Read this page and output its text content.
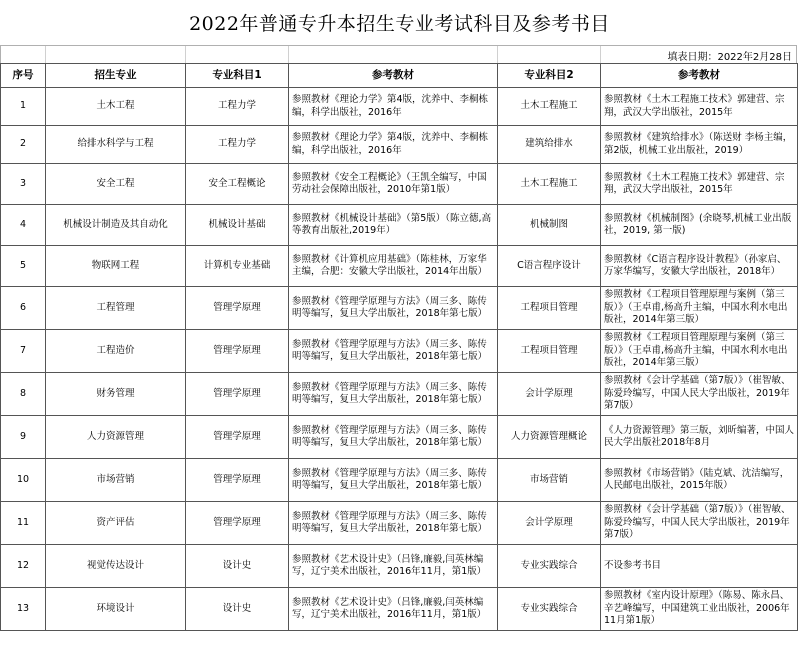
2022年普通专升本招生专业考试科目及参考书目
填表日期：2022年2月28日
序号	招生专业	专业科目1	参考教材	专业科目2	参考教材
1	土木工程	工程力学	参照教材《理论力学》第4版，沈养中、李桐栋编，科学出版社，2016年	土木工程施工	参照教材《土木工程施工技术》郭建营、宗翔，武汉大学出版社，2015年
2	给排水科学与工程	工程力学	参照教材《理论力学》第4版，沈养中、李桐栋编，科学出版社，2016年	建筑给排水	参照教材《建筑给排水》（陈送财 李杨主编，第2版，机械工业出版社，2019）
3	安全工程	安全工程概论	参照教材《安全工程概论》（王凯全编写，中国劳动社会保障出版社，2010年第1版）	土木工程施工	参照教材《土木工程施工技术》郭建营、宗翔，武汉大学出版社，2015年
4	机械设计制造及其自动化	机械设计基础	参照教材《机械设计基础》（第5版）（陈立德,高等教育出版社,2019年）	机械制图	参照教材《机械制图》(余晓琴,机械工业出版社，2019, 第一版)
5	物联网工程	计算机专业基础	参照教材《计算机应用基础》（陈桂林，万家华主编，合肥：安徽大学出版社，2014年出版）	C语言程序设计	参照教材《C语言程序设计教程》（孙家启、万家华编写，安徽大学出版社，2018年）
6	工程管理	管理学原理	参照教材《管理学原理与方法》（周三多、陈传明等编写，复旦大学出版社，2018年第七版）	工程项目管理	参照教材《工程项目管理原理与案例（第三版）》（王卓甫,杨高升主编，中国水利水电出版社，2014年第三版）
7	工程造价	管理学原理	参照教材《管理学原理与方法》（周三多、陈传明等编写，复旦大学出版社，2018年第七版）	工程项目管理	参照教材《工程项目管理原理与案例（第三版）》（王卓甫,杨高升主编，中国水利水电出版社，2014年第三版）
8	财务管理	管理学原理	参照教材《管理学原理与方法》（周三多、陈传明等编写，复旦大学出版社，2018年第七版）	会计学原理	参照教材《会计学基础（第7版）》（崔智敏、陈爱玲编写，中国人民大学出版社，2019年第7版）
9	人力资源管理	管理学原理	参照教材《管理学原理与方法》（周三多、陈传明等编写，复旦大学出版社，2018年第七版）	人力资源管理概论	《人力资源管理》第三版，刘昕编著，中国人民大学出版社2018年8月
10	市场营销	管理学原理	参照教材《管理学原理与方法》（周三多、陈传明等编写，复旦大学出版社，2018年第七版）	市场营销	参照教材《市场营销》（陆克斌、沈洁编写，人民邮电出版社，2015年版）
11	资产评估	管理学原理	参照教材《管理学原理与方法》（周三多、陈传明等编写，复旦大学出版社，2018年第七版）	会计学原理	参照教材《会计学基础（第7版）》（崔智敏、陈爱玲编写，中国人民大学出版社，2019年第7版）
12	视觉传达设计	设计史	参照教材《艺术设计史》（吕锋,廉毅,闫英林编写，辽宁美术出版社，2016年11月，第1版）	专业实践综合	不设参考书目
13	环境设计	设计史	参照教材《艺术设计史》（吕锋,廉毅,闫英林编写，辽宁美术出版社，2016年11月，第1版）	专业实践综合	参照教材《室内设计原理》（陈易、陈永昌、辛艺峰编写，中国建筑工业出版社，2006年11月第1版）
